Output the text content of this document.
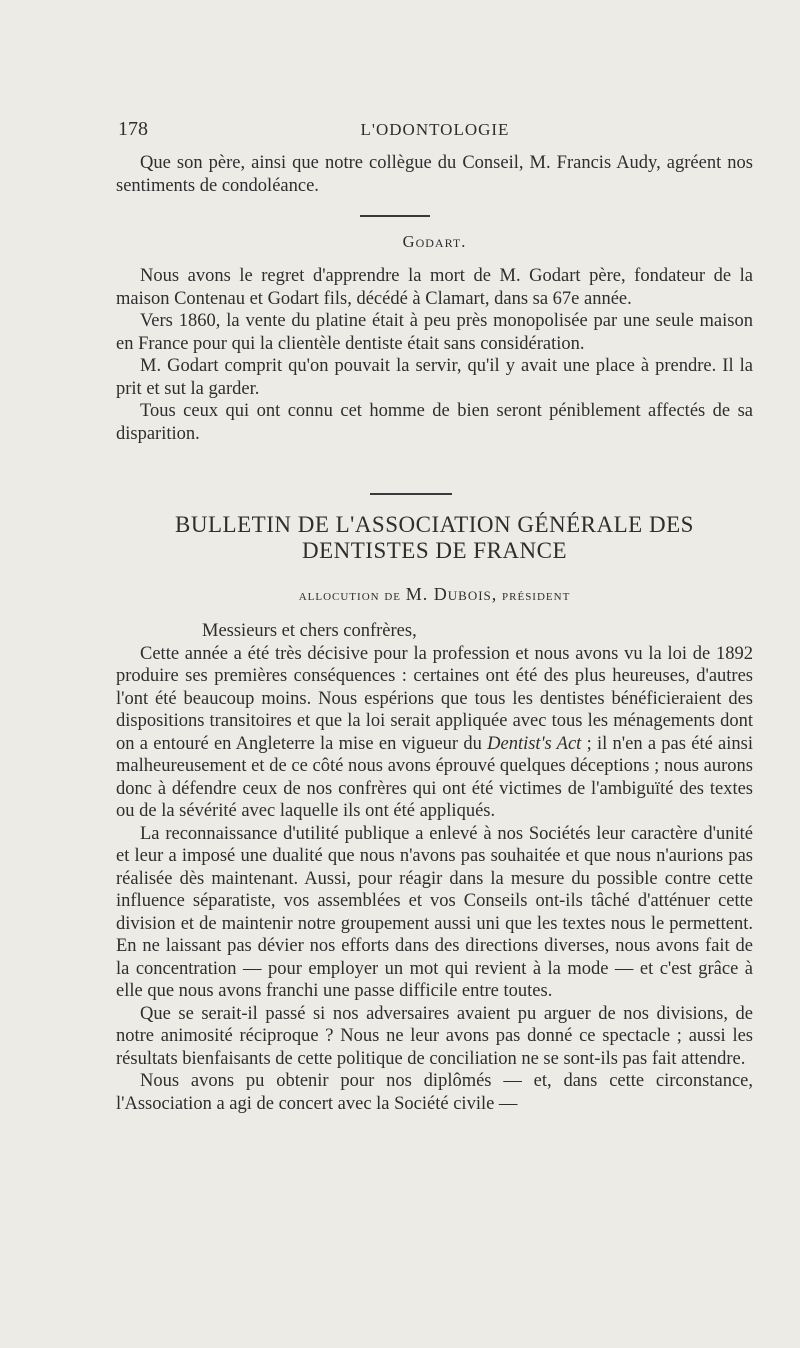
178	L'ODONTOLOGIE

Que son père, ainsi que notre collègue du Conseil, M. Francis Audy, agréent nos sentiments de condoléance.

Godart.

Nous avons le regret d'apprendre la mort de M. Godart père, fondateur de la maison Contenau et Godart fils, décédé à Clamart, dans sa 67e année.

Vers 1860, la vente du platine était à peu près monopolisée par une seule maison en France pour qui la clientèle dentiste était sans considération.

M. Godart comprit qu'on pouvait la servir, qu'il y avait une place à prendre. Il la prit et sut la garder.

Tous ceux qui ont connu cet homme de bien seront péniblement affectés de sa disparition.

BULLETIN DE L'ASSOCIATION GÉNÉRALE DES
DENTISTES DE FRANCE
allocution de M. Dubois, président

Messieurs et chers confrères,

Cette année a été très décisive pour la profession et nous avons vu la loi de 1892 produire ses premières conséquences : certaines ont été des plus heureuses, d'autres l'ont été beaucoup moins. Nous espérions que tous les dentistes bénéficieraient des dispositions transitoires et que la loi serait appliquée avec tous les ménagements dont on a entouré en Angleterre la mise en vigueur du Dentist's Act ; il n'en a pas été ainsi malheureusement et de ce côté nous avons éprouvé quelques déceptions ; nous aurons donc à défendre ceux de nos confrères qui ont été victimes de l'ambiguïté des textes ou de la sévérité avec laquelle ils ont été appliqués.

La reconnaissance d'utilité publique a enlevé à nos Sociétés leur caractère d'unité et leur a imposé une dualité que nous n'avons pas souhaitée et que nous n'aurions pas réalisée dès maintenant. Aussi, pour réagir dans la mesure du possible contre cette influence séparatiste, vos assemblées et vos Conseils ont-ils tâché d'atténuer cette division et de maintenir notre groupement aussi uni que les textes nous le permettent. En ne laissant pas dévier nos efforts dans des directions diverses, nous avons fait de la concentration — pour employer un mot qui revient à la mode — et c'est grâce à elle que nous avons franchi une passe difficile entre toutes.

Que se serait-il passé si nos adversaires avaient pu arguer de nos divisions, de notre animosité réciproque ? Nous ne leur avons pas donné ce spectacle ; aussi les résultats bienfaisants de cette politique de conciliation ne se sont-ils pas fait attendre.

Nous avons pu obtenir pour nos diplômés — et, dans cette circonstance, l'Association a agi de concert avec la Société civile —
